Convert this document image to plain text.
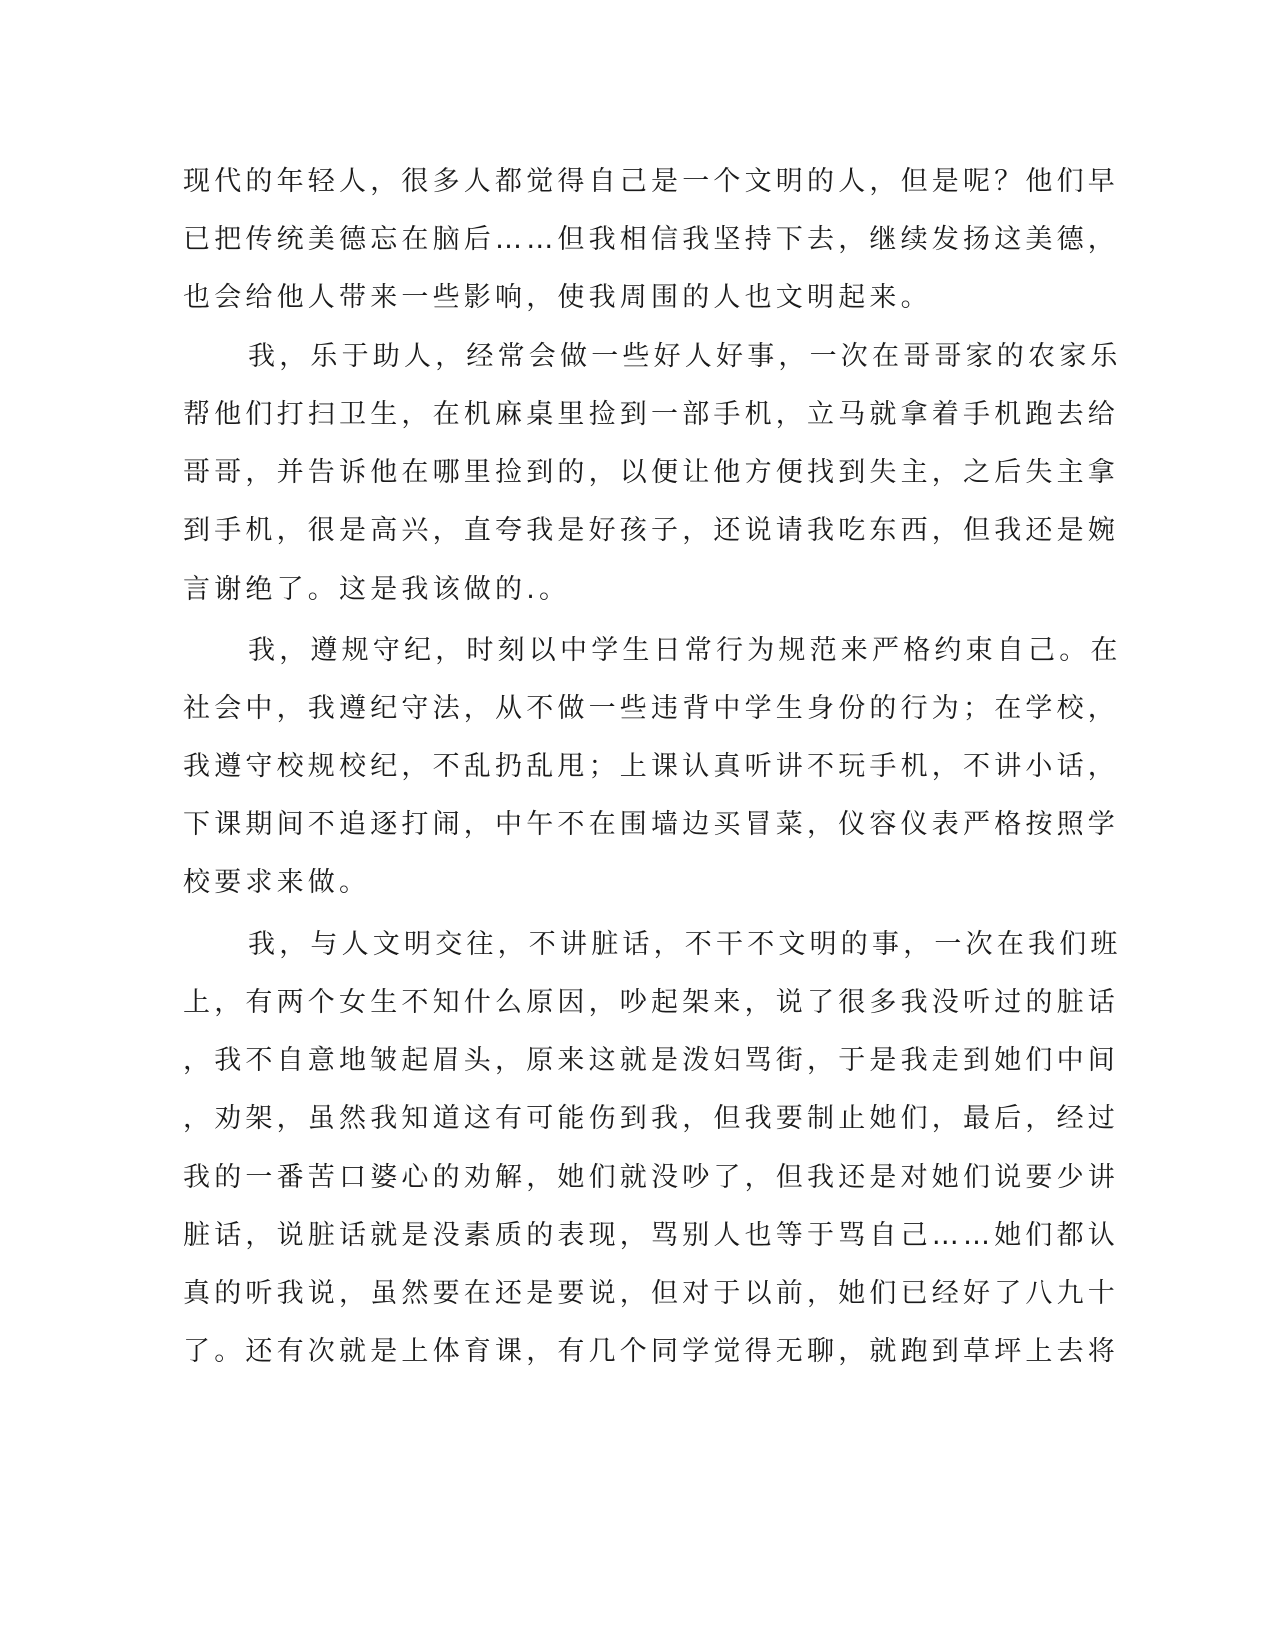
现代的年轻人，很多人都觉得自己是一个文明的人，但是呢？他们早
已把传统美德忘在脑后……但我相信我坚持下去，继续发扬这美德，
也会给他人带来一些影响，使我周围的人也文明起来。
我，乐于助人，经常会做一些好人好事，一次在哥哥家的农家乐
帮他们打扫卫生，在机麻桌里捡到一部手机，立马就拿着手机跑去给
哥哥，并告诉他在哪里捡到的，以便让他方便找到失主，之后失主拿
到手机，很是高兴，直夸我是好孩子，还说请我吃东西，但我还是婉
言谢绝了。这是我该做的.。
我，遵规守纪，时刻以中学生日常行为规范来严格约束自己。在
社会中，我遵纪守法，从不做一些违背中学生身份的行为；在学校，
我遵守校规校纪，不乱扔乱甩；上课认真听讲不玩手机，不讲小话，
下课期间不追逐打闹，中午不在围墙边买冒菜，仪容仪表严格按照学
校要求来做。
我，与人文明交往，不讲脏话，不干不文明的事，一次在我们班
上，有两个女生不知什么原因，吵起架来，说了很多我没听过的脏话
，我不自意地皱起眉头，原来这就是泼妇骂街，于是我走到她们中间
，劝架，虽然我知道这有可能伤到我，但我要制止她们，最后，经过
我的一番苦口婆心的劝解，她们就没吵了，但我还是对她们说要少讲
脏话，说脏话就是没素质的表现，骂别人也等于骂自己……她们都认
真的听我说，虽然要在还是要说，但对于以前，她们已经好了八九十
了。还有次就是上体育课，有几个同学觉得无聊，就跑到草坪上去将
